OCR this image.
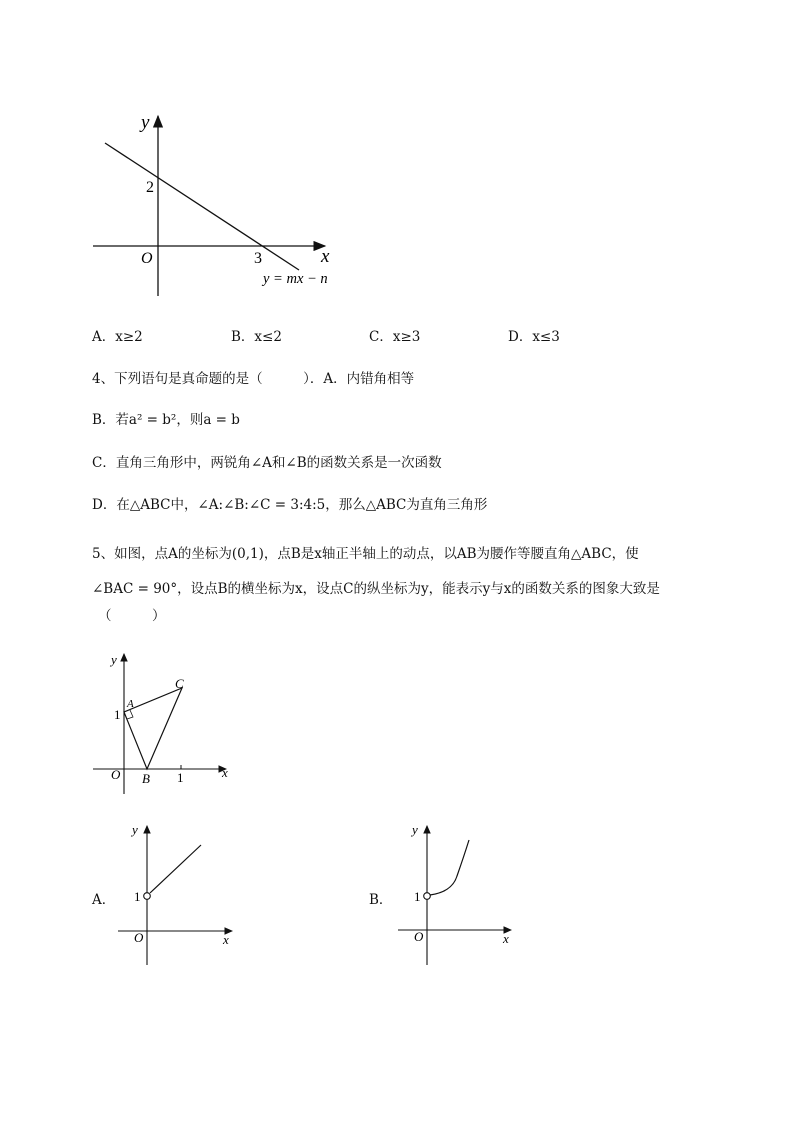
y
x
O
2
3
y = mx − n
A．x≥2	B．x≤2	C．x≥3	D．x≤3
4、下列语句是真命题的是（　　　）．A．内错角相等
B．若a² = b²，则a = b
C．直角三角形中，两锐角∠A和∠B的函数关系是一次函数
D．在△ABC中，∠A:∠B:∠C = 3:4:5，那么△ABC为直角三角形
5、如图，点A的坐标为(0,1)，点B是x轴正半轴上的动点，以AB为腰作等腰直角△ABC，使
∠BAC = 90°，设点B的横坐标为x，设点C的纵坐标为y，能表示y与x的函数关系的图象大致是
（　　　）
y
x
O
A
B
C
1
1
A．
y
x
O
1	B．
y
x
O
1
